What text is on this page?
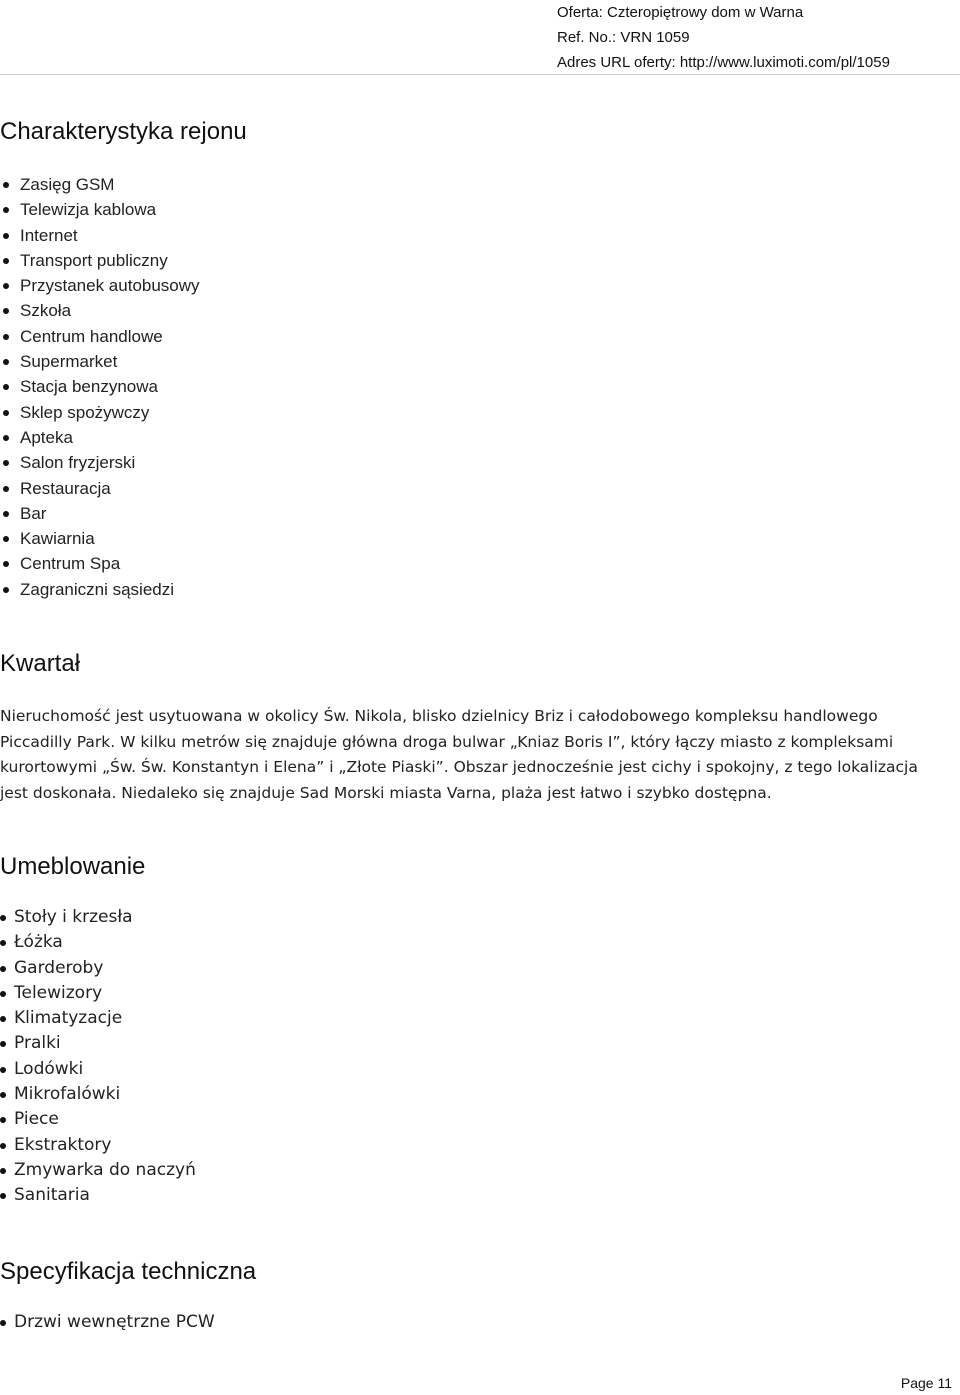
Oferta: Czteropiętrowy dom w Warna
Ref. No.: VRN 1059
Adres URL oferty: http://www.luximoti.com/pl/1059
Charakterystyka rejonu
Zasięg GSM
Telewizja kablowa
Internet
Transport publiczny
Przystanek autobusowy
Szkoła
Centrum handlowe
Supermarket
Stacja benzynowa
Sklep spożywczy
Apteka
Salon fryzjerski
Restauracja
Bar
Kawiarnia
Centrum Spa
Zagraniczni sąsiedzi
Kwartał

Nieruchomość jest usytuowana w okolicy Św. Nikola, blisko dzielnicy Briz i całodobowego kompleksu handlowego Piccadilly Park. W kilku metrów się znajduje główna droga bulwar „Kniaz Boris I”, który łączy miasto z kompleksami kurortowymi „Św. Św. Konstantyn i Elena” i „Złote Piaski”. Obszar jednocześnie jest cichy i spokojny, z tego lokalizacja jest doskonała. Niedaleko się znajduje Sad Morski miasta Varna, plaża jest łatwo i szybko dostępna.

Umeblowanie
Stoły i krzesła
Łóżka
Garderoby
Telewizory
Klimatyzacje
Pralki
Lodówki
Mikrofalówki
Piece
Ekstraktory
Zmywarka do naczyń
Sanitaria
Specyfikacja techniczna
Drzwi wewnętrzne PCW
Page 11
